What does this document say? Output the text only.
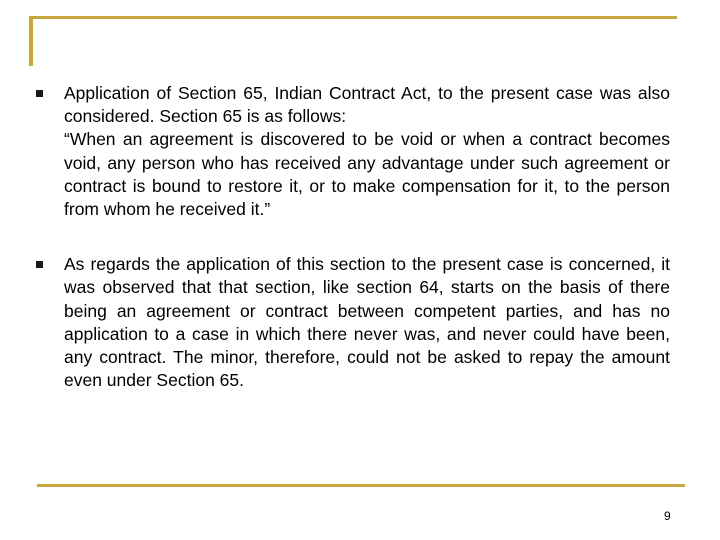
Application of Section 65, Indian Contract Act, to the present case was also considered. Section 65 is as follows:
“When an agreement is discovered to be void or when a contract becomes void, any person who has received any advantage under such agreement or contract is bound to restore it, or to make compensation for it, to the person from whom he received it.”
As regards the application of this section to the present case is concerned, it was observed that that section, like section 64, starts on the basis of there being an agreement or contract between competent parties, and has no application to a case in which there never was, and never could have been, any contract. The minor, therefore, could not be asked to repay the amount even under Section 65.
9
